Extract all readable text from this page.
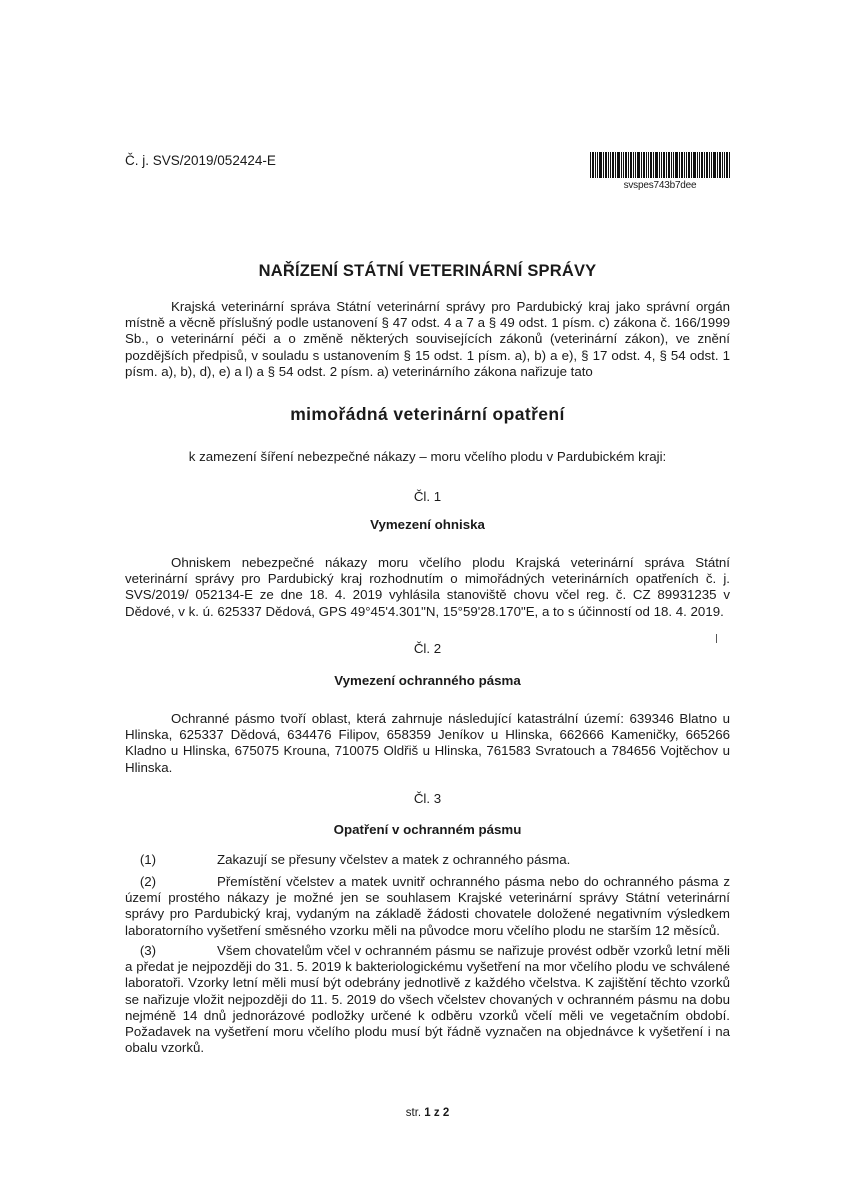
Č. j. SVS/2019/052424-E
svspes743b7dee
NAŘÍZENÍ STÁTNÍ VETERINÁRNÍ SPRÁVY
Krajská veterinární správa Státní veterinární správy pro Pardubický kraj jako správní orgán místně a věcně příslušný podle ustanovení § 47 odst. 4 a 7 a § 49 odst. 1 písm. c) zákona č. 166/1999 Sb., o veterinární péči a o změně některých souvisejících zákonů (veterinární zákon), ve znění pozdějších předpisů, v souladu s ustanovením § 15 odst. 1 písm. a), b) a e), § 17 odst. 4, § 54 odst. 1 písm. a), b), d), e) a l) a § 54 odst. 2 písm. a) veterinárního zákona nařizuje tato
mimořádná veterinární opatření
k zamezení šíření nebezpečné nákazy – moru včelího plodu v Pardubickém kraji:
Čl. 1
Vymezení ohniska
Ohniskem nebezpečné nákazy moru včelího plodu Krajská veterinární správa Státní veterinární správy pro Pardubický kraj rozhodnutím o mimořádných veterinárních opatřeních č. j. SVS/2019/ 052134-E ze dne 18. 4. 2019 vyhlásila stanoviště chovu včel reg. č. CZ 89931235 v Dědové, v k. ú. 625337 Dědová, GPS 49°45'4.301"N, 15°59'28.170"E, a to s účinností od 18. 4. 2019.
Čl. 2
Vymezení ochranného pásma
Ochranné pásmo tvoří oblast, která zahrnuje následující katastrální území: 639346 Blatno u Hlinska, 625337 Dědová, 634476 Filipov, 658359 Jeníkov u Hlinska, 662666 Kameničky, 665266 Kladno u Hlinska, 675075 Krouna, 710075 Oldřiš u Hlinska, 761583 Svratouch a 784656 Vojtěchov u Hlinska.
Čl. 3
Opatření v ochranném pásmu
(1)	Zakazují se přesuny včelstev a matek z ochranného pásma.
(2)	Přemístění včelstev a matek uvnitř ochranného pásma nebo do ochranného pásma z území prostého nákazy je možné jen se souhlasem Krajské veterinární správy Státní veterinární správy pro Pardubický kraj, vydaným na základě žádosti chovatele doložené negativním výsledkem laboratorního vyšetření směsného vzorku měli na původce moru včelího plodu ne starším 12 měsíců.
(3)	Všem chovatelům včel v ochranném pásmu se nařizuje provést odběr vzorků letní měli a předat je nejpozději do 31. 5. 2019 k bakteriologickému vyšetření na mor včelího plodu ve schválené laboratoři. Vzorky letní měli musí být odebrány jednotlivě z každého včelstva. K zajištění těchto vzorků se nařizuje vložit nejpozději do 11. 5. 2019 do všech včelstev chovaných v ochranném pásmu na dobu nejméně 14 dnů jednorázové podložky určené k odběru vzorků včelí měli ve vegetačním období. Požadavek na vyšetření moru včelího plodu musí být řádně vyznačen na objednávce k vyšetření i na obalu vzorků.
str. 1 z 2
